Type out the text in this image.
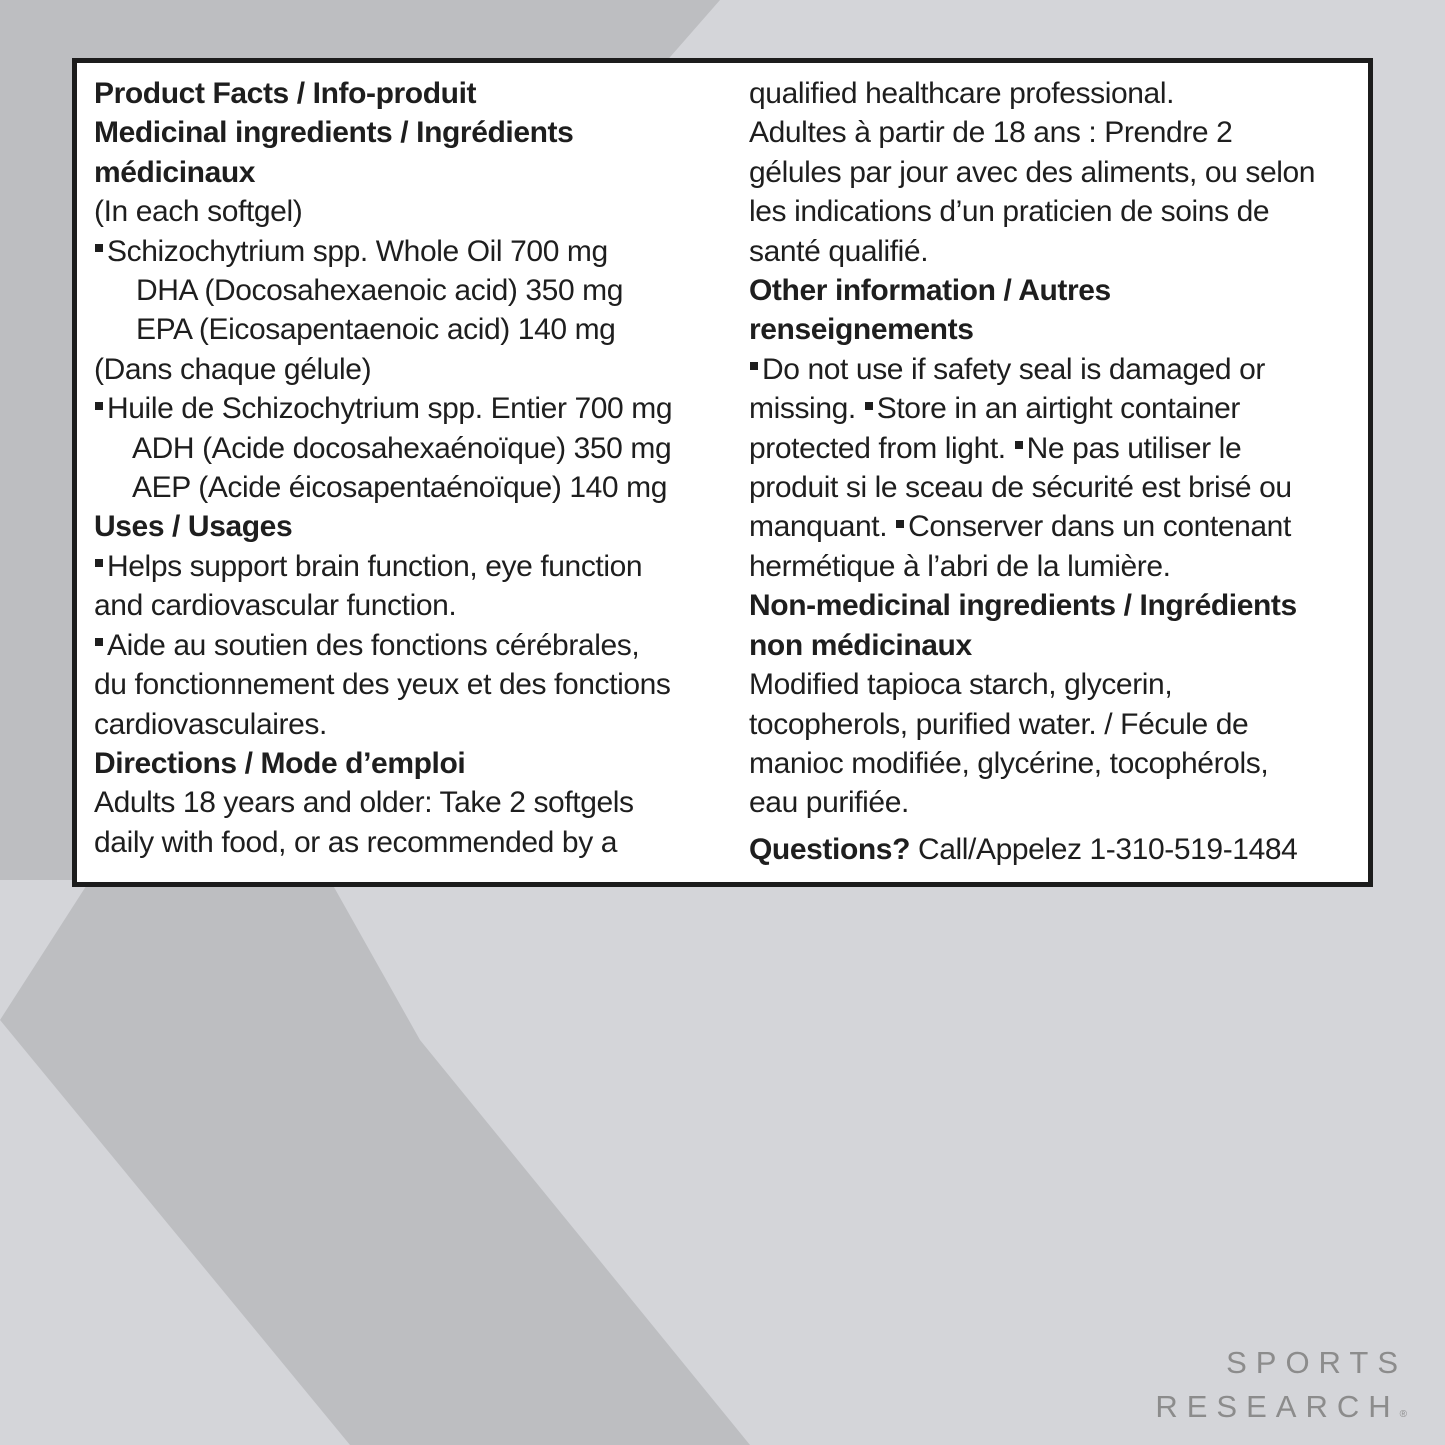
Product Facts / Info-produit
Medicinal ingredients / Ingrédients
médicinaux
(In each softgel)
Schizochytrium spp. Whole Oil 700 mg
DHA (Docosahexaenoic acid) 350 mg
EPA (Eicosapentaenoic acid) 140 mg
(Dans chaque gélule)
Huile de Schizochytrium spp. Entier 700 mg
ADH (Acide docosahexaénoïque) 350 mg
AEP (Acide éicosapentaénoïque) 140 mg
Uses / Usages
Helps support brain function, eye function
and cardiovascular function.
Aide au soutien des fonctions cérébrales,
du fonctionnement des yeux et des fonctions
cardiovasculaires.
Directions / Mode d’emploi
Adults 18 years and older: Take 2 softgels
daily with food, or as recommended by a
qualified healthcare professional.
Adultes à partir de 18 ans : Prendre 2
gélules par jour avec des aliments, ou selon
les indications d’un praticien de soins de
santé qualifié.
Other information / Autres
renseignements
Do not use if safety seal is damaged or
missing. Store in an airtight container
protected from light. Ne pas utiliser le
produit si le sceau de sécurité est brisé ou
manquant. Conserver dans un contenant
hermétique à l’abri de la lumière.
Non-medicinal ingredients / Ingrédients
non médicinaux
Modified tapioca starch, glycerin,
tocopherols, purified water. / Fécule de
manioc modifiée, glycérine, tocophérols,
eau purifiée.
Questions? Call/Appelez 1-310-519-1484
SPORTS
RESEARCH®
